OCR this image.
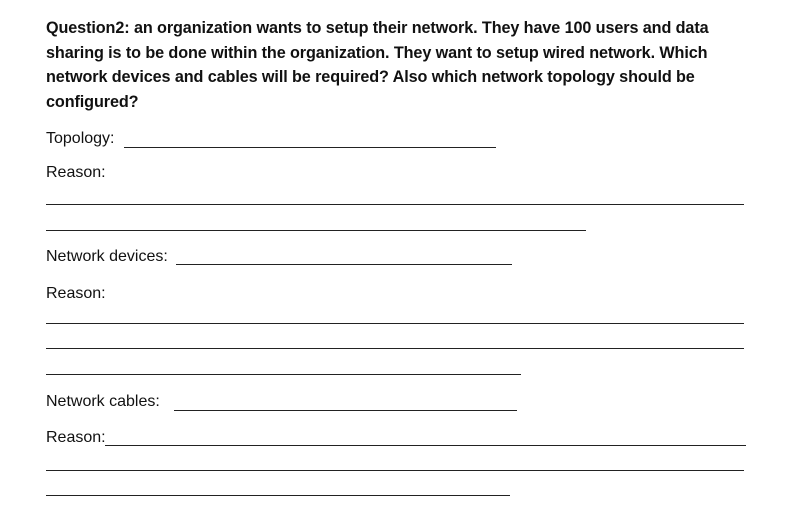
Question2: an organization wants to setup their network. They have 100 users and data
sharing is to be done within the organization. They want to setup wired network. Which
network devices and cables will be required? Also which network topology should be
configured?
Topology:
Reason:
Network devices:
Reason:
Network cables:
Reason:
